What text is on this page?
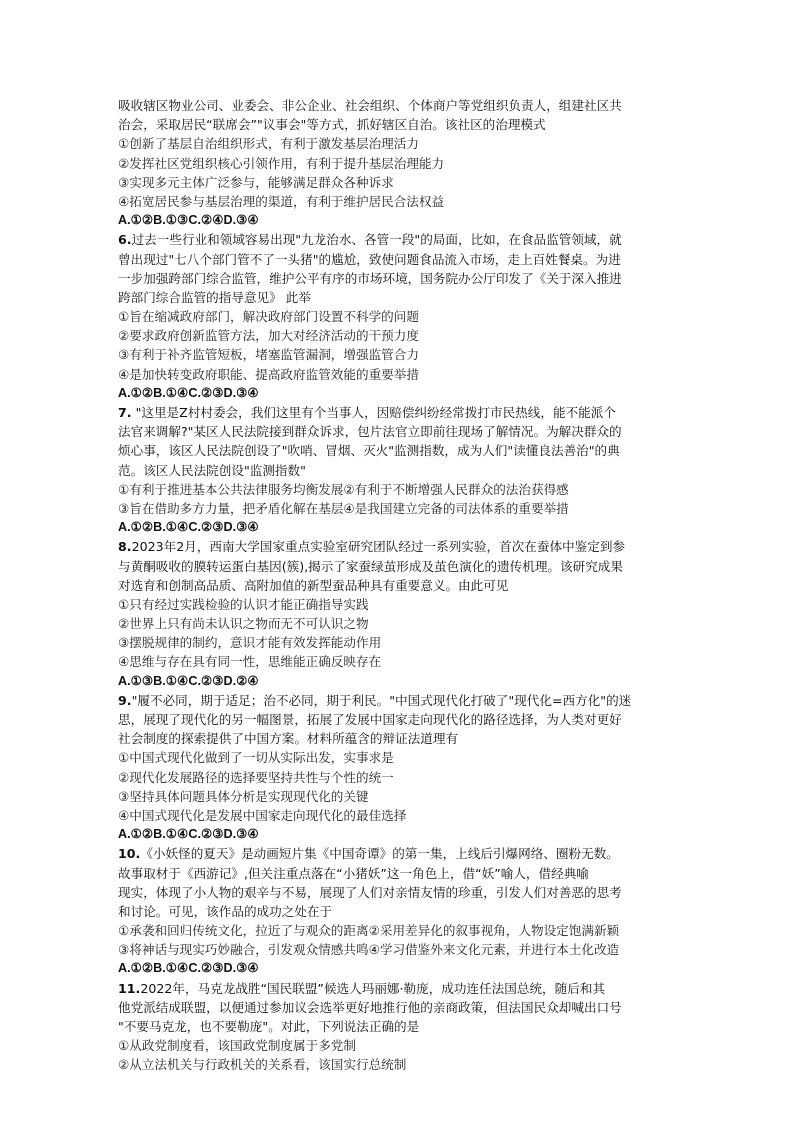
吸收辖区物业公司、业委会、非公企业、社会组织、个体商户等党组织负责人，组建社区共
治会，采取居民“联席会”"议事会"等方式，抓好辖区自治。该社区的治理模式
①创新了基层自治组织形式，有利于激发基层治理活力
②发挥社区党组织核心引领作用，有利于提升基层治理能力
③实现多元主体广泛参与，能够满足群众各种诉求
④拓宽居民参与基层治理的渠道，有利于维护居民合法权益
A.①②B.①③C.②④D.③④
6.过去一些行业和领域容易出现"九龙治水、各管一段"的局面，比如，在食品监管领域，就
曾出现过"七八个部门管不了一头猪"的尴尬，致使问题食品流入市场，走上百姓餐桌。为进
一步加强跨部门综合监管，维护公平有序的市场环境，国务院办公厅印发了《关于深入推进
跨部门综合监管的指导意见》 此举
①旨在缩减政府部门，解决政府部门设置不科学的问题
②要求政府创新监管方法，加大对经济活动的干预力度
③有利于补齐监管短板，堵塞监管漏洞，增强监管合力
④是加快转变政府职能、提高政府监管效能的重要举措
A.①②B.①④C.②③D.③④
7. "这里是Z村村委会，我们这里有个当事人，因赔偿纠纷经常拨打市民热线，能不能派个
法官来调解?"某区人民法院接到群众诉求，包片法官立即前往现场了解情况。为解决群众的
烦心事，该区人民法院创设了"吹哨、冒烟、灭火"监测指数，成为人们"读懂良法善治"的典
范。该区人民法院创设"监测指数"
①有利于推进基本公共法律服务均衡发展②有利于不断增强人民群众的法治获得感
③旨在借助多方力量，把矛盾化解在基层④是我国建立完备的司法体系的重要举措
A.①②B.①④C.②③D.③④
8.2023年2月，西南大学国家重点实验室研究团队经过一系列实验，首次在蚕体中鉴定到参
与黄酮吸收的膜转运蛋白基因(簇),揭示了家蚕绿茧形成及茧色演化的遗传机理。该研究成果
对选育和创制高品质、高附加值的新型蚕品种具有重要意义。由此可见
①只有经过实践检验的认识才能正确指导实践
②世界上只有尚未认识之物而无不可认识之物
③摆脱规律的制约，意识才能有效发挥能动作用
④思维与存在具有同一性，思维能正确反映存在
A.①③B.①④C.②③D.②④
9."履不必同，期于适足；治不必同，期于利民。"中国式现代化打破了"现代化=西方化"的迷
思，展现了现代化的另一幅图景，拓展了发展中国家走向现代化的路径选择，为人类对更好
社会制度的探索提供了中国方案。材料所蕴含的辩证法道理有
①中国式现代化做到了一切从实际出发，实事求是
②现代化发展路径的选择要坚持共性与个性的统一
③坚持具体问题具体分析是实现现代化的关键
④中国式现代化是发展中国家走向现代化的最佳选择
A.①②B.①④C.②③D.③④
10.《小妖怪的夏天》是动画短片集《中国奇谭》的第一集，上线后引爆网络、圈粉无数。
故事取材于《西游记》,但关注重点落在“小猪妖”这一角色上，借“妖”喻人，借经典喻
现实，体现了小人物的艰辛与不易，展现了人们对亲情友情的珍重，引发人们对善恶的思考
和讨论。可见，该作品的成功之处在于
①承袭和回归传统文化，拉近了与观众的距离②采用差异化的叙事视角，人物设定饱满新颖
③将神话与现实巧妙融合，引发观众情感共鸣④学习借鉴外来文化元素，并进行本土化改造
A.①②B.①④C.②③D.③④
11.2022年，马克龙战胜“国民联盟”候选人玛丽娜·勒庞，成功连任法国总统，随后和其
他党派结成联盟，以便通过参加议会选举更好地推行他的亲商政策，但法国民众却喊出口号
"不要马克龙，也不要勒庞"。对此，下列说法正确的是
①从政党制度看，该国政党制度属于多党制
②从立法机关与行政机关的关系看，该国实行总统制
